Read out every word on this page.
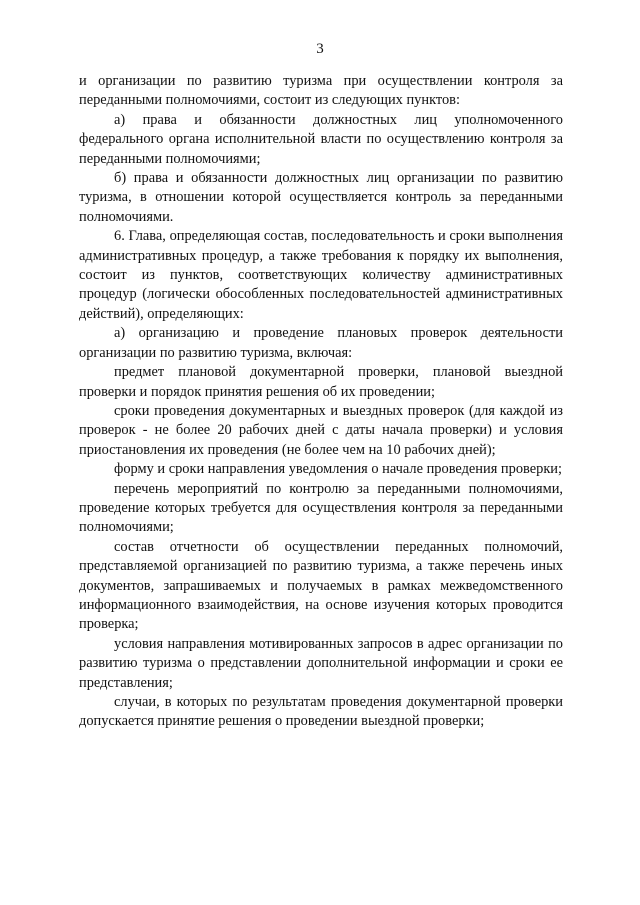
3

и организации по развитию туризма при осуществлении контроля за переданными полномочиями, состоит из следующих пунктов:

а) права и обязанности должностных лиц уполномоченного федерального органа исполнительной власти по осуществлению контроля за переданными полномочиями;

б) права и обязанности должностных лиц организации по развитию туризма, в отношении которой осуществляется контроль за переданными полномочиями.

6. Глава, определяющая состав, последовательность и сроки выполнения административных процедур, а также требования к порядку их выполнения, состоит из пунктов, соответствующих количеству административных процедур (логически обособленных последовательностей административных действий), определяющих:

а) организацию и проведение плановых проверок деятельности организации по развитию туризма, включая:

предмет плановой документарной проверки, плановой выездной проверки и порядок принятия решения об их проведении;

сроки проведения документарных и выездных проверок (для каждой из проверок - не более 20 рабочих дней с даты начала проверки) и условия приостановления их проведения (не более чем на 10 рабочих дней);

форму и сроки направления уведомления о начале проведения проверки;

перечень мероприятий по контролю за переданными полномочиями, проведение которых требуется для осуществления контроля за переданными полномочиями;

состав отчетности об осуществлении переданных полномочий, представляемой организацией по развитию туризма, а также перечень иных документов, запрашиваемых и получаемых в рамках межведомственного информационного взаимодействия, на основе изучения которых проводится проверка;

условия направления мотивированных запросов в адрес организации по развитию туризма о представлении дополнительной информации и сроки ее представления;

случаи, в которых по результатам проведения документарной проверки допускается принятие решения о проведении выездной проверки;
